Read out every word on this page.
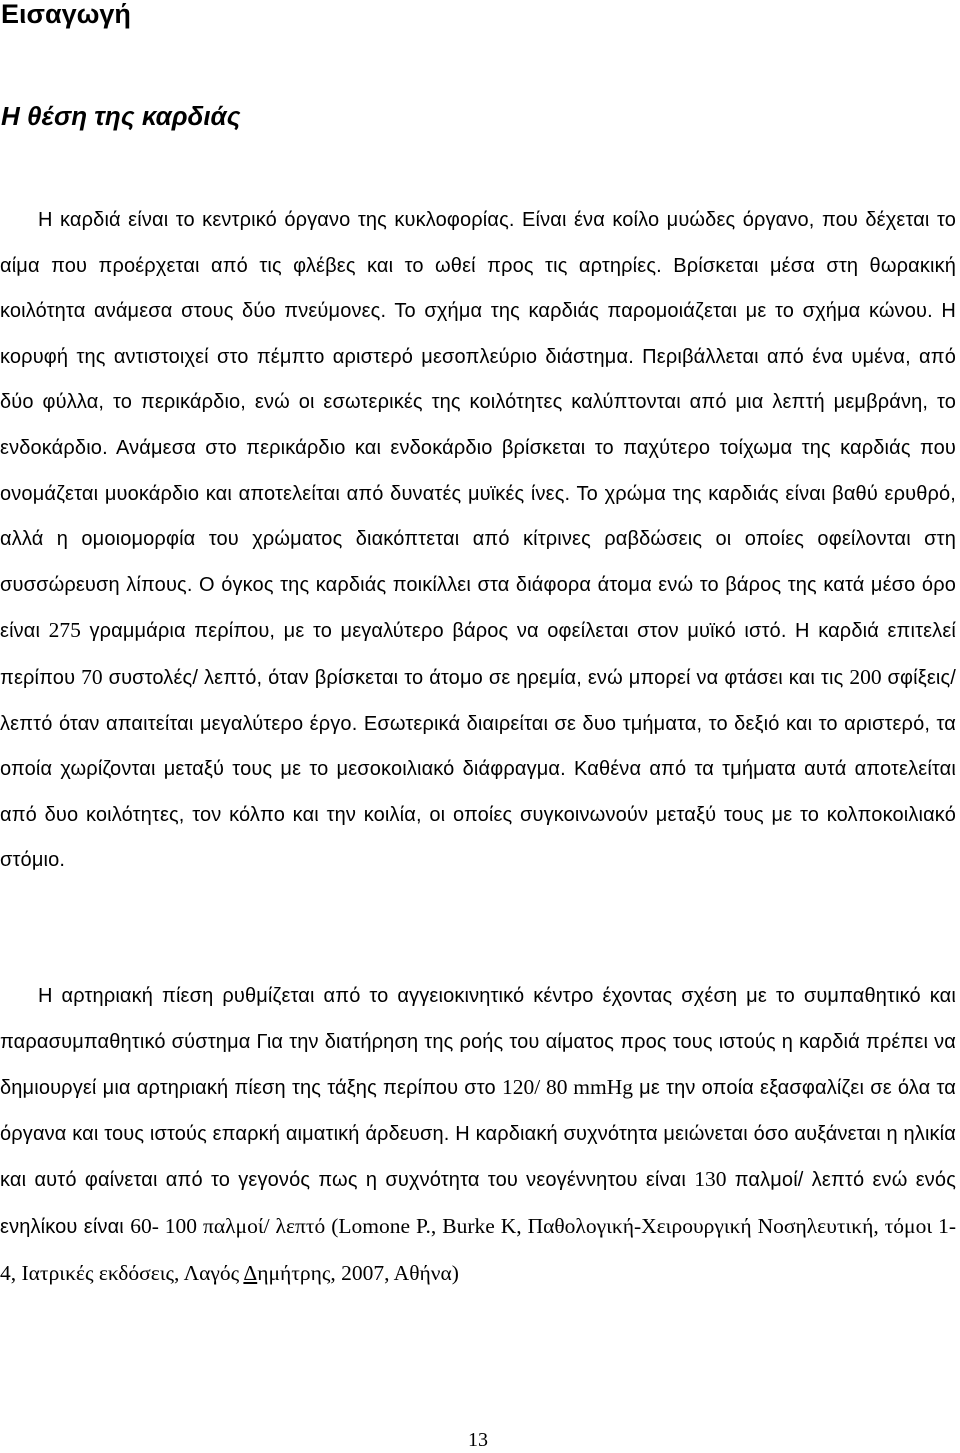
Εισαγωγή
Η θέση της καρδιάς

Η καρδιά είναι το κεντρικό όργανο της κυκλοφορίας. Είναι ένα κοίλο μυώδες όργανο, που δέχεται το αίμα που προέρχεται από τις φλέβες και το ωθεί προς τις αρτηρίες. Βρίσκεται μέσα στη θωρακική κοιλότητα ανάμεσα στους δύο πνεύμονες. Το σχήμα της καρδιάς παρομοιάζεται με το σχήμα κώνου. Η κορυφή της αντιστοιχεί στο πέμπτο αριστερό μεσοπλεύριο διάστημα. Περιβάλλεται από ένα υμένα, από δύο φύλλα, το περικάρδιο, ενώ οι εσωτερικές της κοιλότητες καλύπτονται από μια λεπτή μεμβράνη, το ενδοκάρδιο. Ανάμεσα στο περικάρδιο και ενδοκάρδιο βρίσκεται το παχύτερο τοίχωμα της καρδιάς που ονομάζεται μυοκάρδιο και αποτελείται από δυνατές μυϊκές ίνες. Το χρώμα της καρδιάς είναι βαθύ ερυθρό, αλλά η ομοιομορφία του χρώματος διακόπτεται από κίτρινες ραβδώσεις οι οποίες οφείλονται στη συσσώρευση λίπους. Ο όγκος της καρδιάς ποικίλλει στα διάφορα άτομα ενώ το βάρος της κατά μέσο όρο είναι 275 γραμμάρια περίπου, με το μεγαλύτερο βάρος να οφείλεται στον μυϊκό ιστό. Η καρδιά επιτελεί περίπου 70 συστολές/ λεπτό, όταν βρίσκεται το άτομο σε ηρεμία, ενώ μπορεί να φτάσει και τις 200 σφίξεις/ λεπτό όταν απαιτείται μεγαλύτερο έργο. Εσωτερικά διαιρείται σε δυο τμήματα, το δεξιό και το αριστερό, τα οποία χωρίζονται μεταξύ τους με το μεσοκοιλιακό διάφραγμα. Καθένα από τα τμήματα αυτά αποτελείται από δυο κοιλότητες, τον κόλπο και την κοιλία, οι οποίες συγκοινωνούν μεταξύ τους με το κολποκοιλιακό στόμιο.

Η αρτηριακή πίεση ρυθμίζεται από το αγγειοκινητικό κέντρο έχοντας σχέση με το συμπαθητικό και παρασυμπαθητικό σύστημα Για την διατήρηση της ροής του αίματος προς τους ιστούς η καρδιά πρέπει να δημιουργεί μια αρτηριακή πίεση της τάξης περίπου στο 120/ 80 mmHg με την οποία εξασφαλίζει σε όλα τα όργανα και τους ιστούς επαρκή αιματική άρδευση. Η καρδιακή συχνότητα μειώνεται όσο αυξάνεται η ηλικία και αυτό φαίνεται από το γεγονός πως η συχνότητα του νεογέννητου είναι 130 παλμοί/ λεπτό ενώ ενός ενηλίκου είναι 60- 100 παλμοί/ λεπτό (Lomone P., Burke K, Παθολογική-Χειρουργική Νοσηλευτική, τόμοι 1-4, Ιατρικές εκδόσεις, Λαγός Δημήτρης, 2007, Αθήνα)

13
